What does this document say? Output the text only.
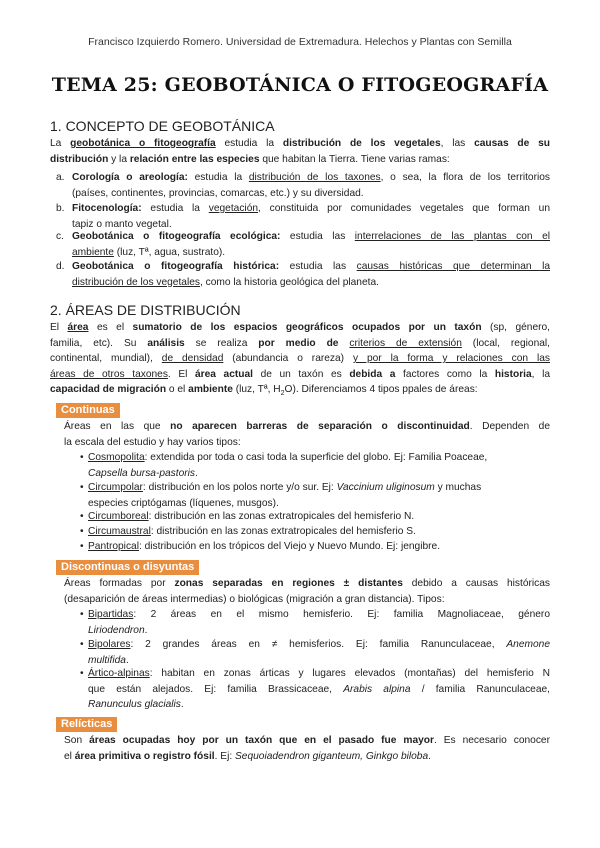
Francisco Izquierdo Romero. Universidad de Extremadura. Helechos y Plantas con Semilla
TEMA 25: GEOBOTÁNICA O FITOGEOGRAFÍA
1. CONCEPTO DE GEOBOTÁNICA
La geobotánica o fitogeografía estudia la distribución de los vegetales, las causas de su
distribución y la relación entre las especies que habitan la Tierra. Tiene varias ramas:
a. Corología o areología: estudia la distribución de los taxones, o sea, la flora de los territorios
(países, continentes, provincias, comarcas, etc.) y su diversidad.
b. Fitocenología: estudia la vegetación, constituida por comunidades vegetales que forman un
tapiz o manto vegetal.
c. Geobotánica o fitogeografía ecológica: estudia las interrelaciones de las plantas con el
ambiente (luz, Tª, agua, sustrato).
d. Geobotánica o fitogeografía histórica: estudia las causas históricas que determinan la
distribución de los vegetales, como la historia geológica del planeta.
2. ÁREAS DE DISTRIBUCIÓN
El área es el sumatorio de los espacios geográficos ocupados por un taxón (sp, género,
familia, etc). Su análisis se realiza por medio de criterios de extensión (local, regional,
continental, mundial), de densidad (abundancia o rareza) y por la forma y relaciones con las
áreas de otros taxones. El área actual de un taxón es debida a factores como la historia, la
capacidad de migración o el ambiente (luz, Tª, $H_2O$). Diferenciamos 4 tipos ppales de áreas:
Continuas
Áreas en las que no aparecen barreras de separación o discontinuidad. Dependen de
la escala del estudio y hay varios tipos:
• Cosmopolita: extendida por toda o casi toda la superficie del globo. Ej: Familia Poaceae,
Capsella bursa-pastoris.
• Circumpolar: distribución en los polos norte y/o sur. Ej: Vaccinium uliginosum y muchas
especies criptógamas (líquenes, musgos).
• Circumboreal: distribución en las zonas extratropicales del hemisferio N.
• Circumaustral: distribución en las zonas extratropicales del hemisferio S.
• Pantropical: distribución en los trópicos del Viejo y Nuevo Mundo. Ej: jengibre.
Discontinuas o disyuntas
Áreas formadas por zonas separadas en regiones ± distantes debido a causas históricas
(desaparición de áreas intermedias) o biológicas (migración a gran distancia). Tipos:
• Bipartidas: 2 áreas en el mismo hemisferio. Ej: familia Magnoliaceae, género
Liriodendron.
• Bipolares: 2 grandes áreas en ≠ hemisferios. Ej: familia Ranunculaceae, Anemone
multifida.
• Ártico-alpinas: habitan en zonas árticas y lugares elevados (montañas) del hemisferio N
que están alejados. Ej: familia Brassicaceae, Arabis alpina / familia Ranunculaceae,
Ranunculus glacialis.
Relícticas
Son áreas ocupadas hoy por un taxón que en el pasado fue mayor. Es necesario conocer
el área primitiva o registro fósil. Ej: Sequoiadendron giganteum, Ginkgo biloba.
